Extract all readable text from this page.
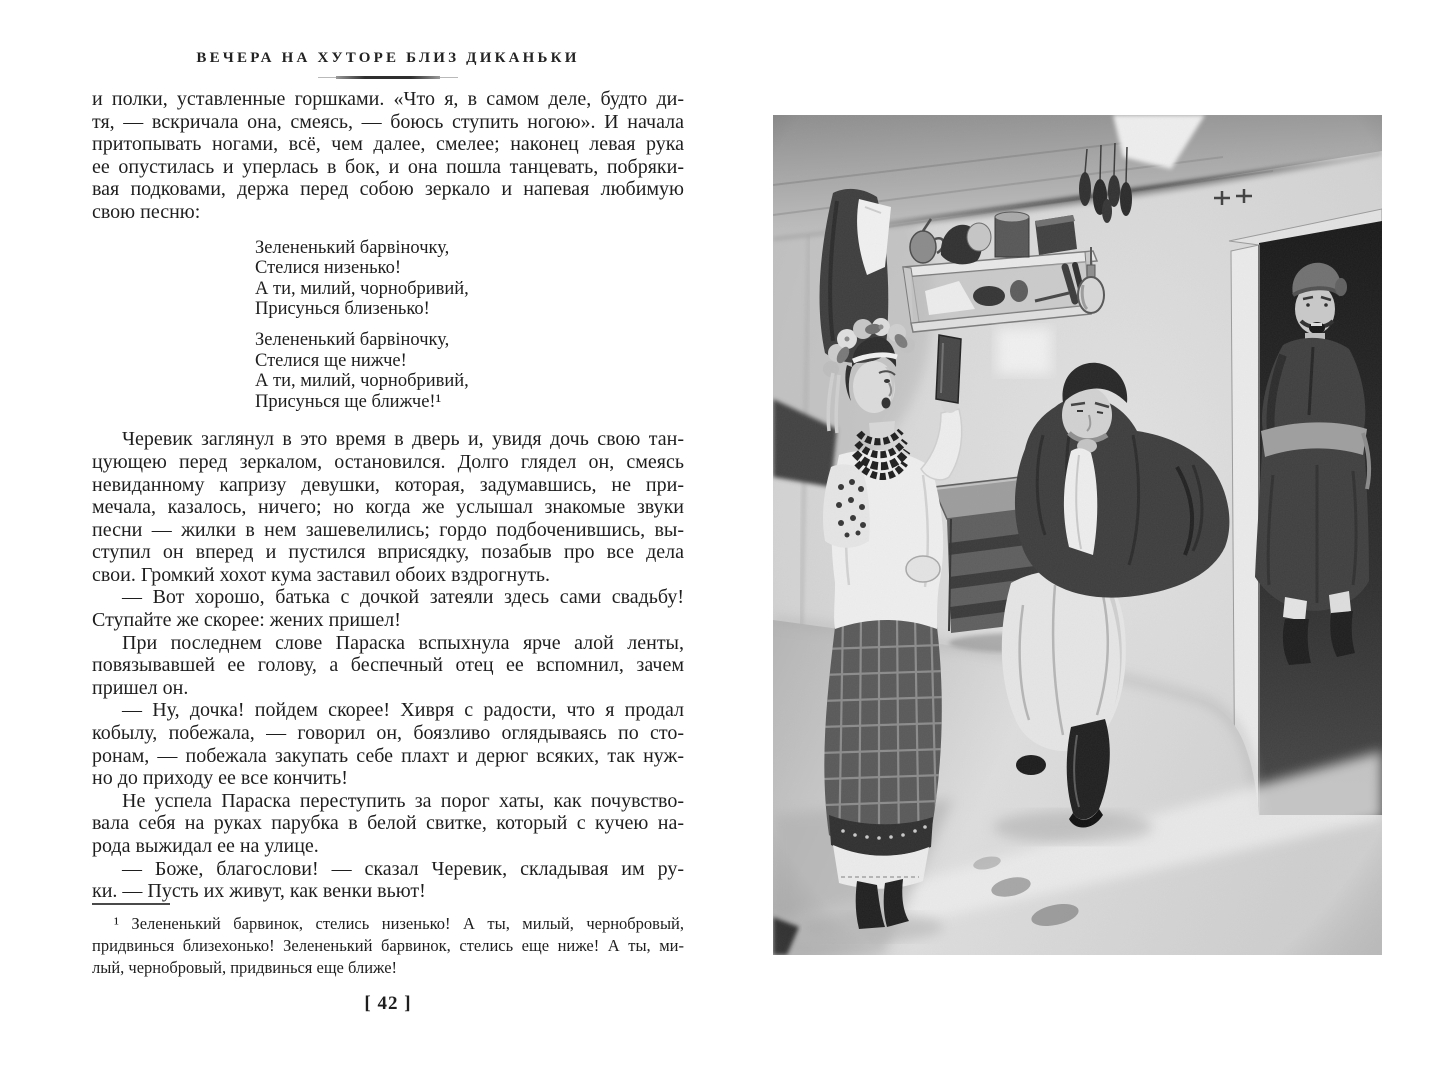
ВЕЧЕРА НА ХУТОРЕ БЛИЗ ДИКАНЬКИ
и полки, уставленные горшками. «Что я, в самом деле, будто ди-
тя, — вскричала она, смеясь, — боюсь ступить ногою». И начала
притопывать ногами, всё, чем далее, смелее; наконец левая рука
ее опустилась и уперлась в бок, и она пошла танцевать, побряки-
вая подковами, держа перед собою зеркало и напевая любимую
свою песню:
Зелененький барвіночку,
Стелися низенько!
А ти, милий, чорнобривий,
Присунься близенько!
Зелененький барвіночку,
Стелися ще нижче!
А ти, милий, чорнобривий,
Присунься ще ближче!¹
Черевик заглянул в это время в дверь и, увидя дочь свою тан-
цующею перед зеркалом, остановился. Долго глядел он, смеясь
невиданному капризу девушки, которая, задумавшись, не при-
мечала, казалось, ничего; но когда же услышал знакомые звуки
песни — жилки в нем зашевелились; гордо подбоченившись, вы-
ступил он вперед и пустился вприсядку, позабыв про все дела
свои. Громкий хохот кума заставил обоих вздрогнуть.
— Вот хорошо, батька с дочкой затеяли здесь сами свадьбу!
Ступайте же скорее: жених пришел!
При последнем слове Параска вспыхнула ярче алой ленты,
повязывавшей ее голову, а беспечный отец ее вспомнил, зачем
пришел он.
— Ну, дочка! пойдем скорее! Хивря с радости, что я продал
кобылу, побежала, — говорил он, боязливо оглядываясь по сто-
ронам, — побежала закупать себе плахт и дерюг всяких, так нуж-
но до приходу ее все кончить!
Не успела Параска переступить за порог хаты, как почувство-
вала себя на руках парубка в белой свитке, который с кучею на-
рода выжидал ее на улице.
— Боже, благослови! — сказал Черевик, складывая им ру-
ки. — Пусть их живут, как венки вьют!
¹ Зелененький барвинок, стелись низенько! А ты, милый, чернобровый,
придвинься близехонько! Зелененький барвинок, стелись еще ниже! А ты, ми-
лый, чернобровый, придвинься еще ближе!
[ 42 ]
